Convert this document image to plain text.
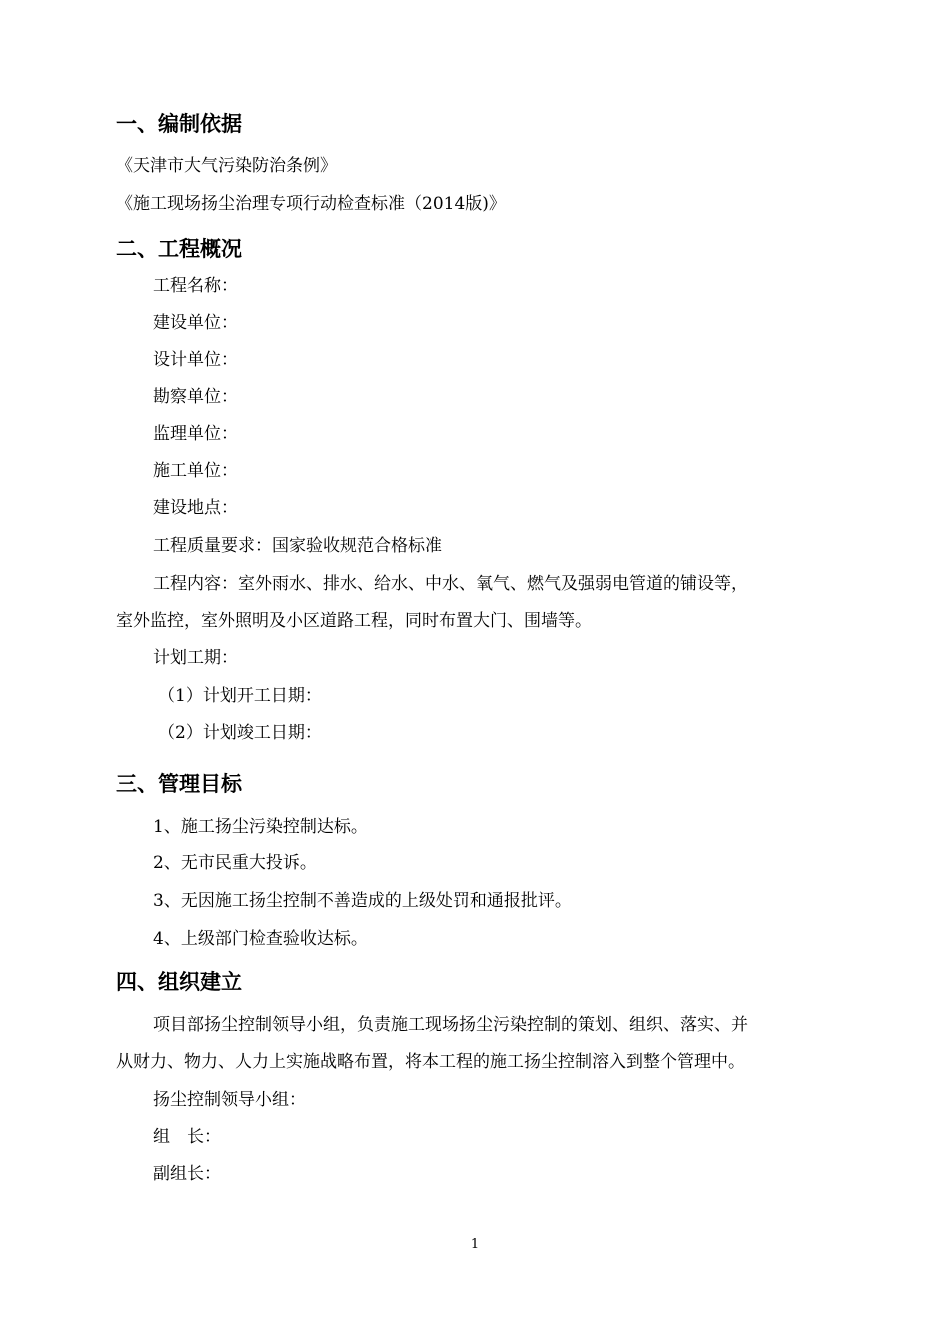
一、编制依据
《天津市大气污染防治条例》
《施工现场扬尘治理专项行动检查标准（2014版)》
二、工程概况
工程名称：
建设单位：
设计单位：
勘察单位：
监理单位：
施工单位：
建设地点：
工程质量要求：国家验收规范合格标准
工程内容：室外雨水、排水、给水、中水、氧气、燃气及强弱电管道的铺设等，
室外监控，室外照明及小区道路工程，同时布置大门、围墙等。
计划工期：
（1）计划开工日期：
（2）计划竣工日期：
三、管理目标
1、施工扬尘污染控制达标。
2、无市民重大投诉。
3、无因施工扬尘控制不善造成的上级处罚和通报批评。
4、上级部门检查验收达标。
四、组织建立
项目部扬尘控制领导小组，负责施工现场扬尘污染控制的策划、组织、落实、并
从财力、物力、人力上实施战略布置，将本工程的施工扬尘控制溶入到整个管理中。
扬尘控制领导小组：
组　长：
副组长：
1
